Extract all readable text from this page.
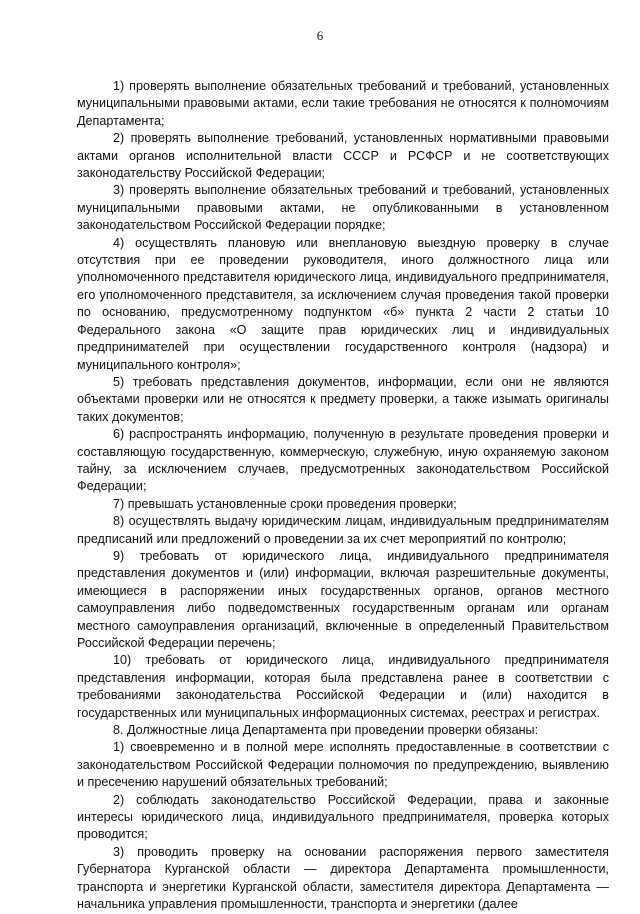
6

1) проверять выполнение обязательных требований и требований, установленных муниципальными правовыми актами, если такие требования не относятся к полномочиям Департамента;

2) проверять выполнение требований, установленных нормативными правовыми актами органов исполнительной власти СССР и РСФСР и не соответствующих законодательству Российской Федерации;

3) проверять выполнение обязательных требований и требований, установленных муниципальными правовыми актами, не опубликованными в установленном законодательством Российской Федерации порядке;

4) осуществлять плановую или внеплановую выездную проверку в случае отсутствия при ее проведении руководителя, иного должностного лица или уполномоченного представителя юридического лица, индивидуального предпринимателя, его уполномоченного представителя, за исключением случая проведения такой проверки по основанию, предусмотренному подпунктом «б» пункта 2 части 2 статьи 10 Федерального закона «О защите прав юридических лиц и индивидуальных предпринимателей при осуществлении государственного контроля (надзора) и муниципального контроля»;

5) требовать представления документов, информации, если они не являются объектами проверки или не относятся к предмету проверки, а также изымать оригиналы таких документов;

6) распространять информацию, полученную в результате проведения проверки и составляющую государственную, коммерческую, служебную, иную охраняемую законом тайну, за исключением случаев, предусмотренных законодательством Российской Федерации;

7) превышать установленные сроки проведения проверки;

8) осуществлять выдачу юридическим лицам, индивидуальным предпринимателям предписаний или предложений о проведении за их счет мероприятий по контролю;

9) требовать от юридического лица, индивидуального предпринимателя представления документов и (или) информации, включая разрешительные документы, имеющиеся в распоряжении иных государственных органов, органов местного самоуправления либо подведомственных государственным органам или органам местного самоуправления организаций, включенные в определенный Правительством Российской Федерации перечень;

10) требовать от юридического лица, индивидуального предпринимателя представления информации, которая была представлена ранее в соответствии с требованиями законодательства Российской Федерации и (или) находится в государственных или муниципальных информационных системах, реестрах и регистрах.

8. Должностные лица Департамента при проведении проверки обязаны:

1) своевременно и в полной мере исполнять предоставленные в соответствии с законодательством Российской Федерации полномочия по предупреждению, выявлению и пресечению нарушений обязательных требований;

2) соблюдать законодательство Российской Федерации, права и законные интересы юридического лица, индивидуального предпринимателя, проверка которых проводится;

3) проводить проверку на основании распоряжения первого заместителя Губернатора Курганской области — директора Департамента промышленности, транспорта и энергетики Курганской области, заместителя директора Департамента — начальника управления промышленности, транспорта и энергетики (далее
